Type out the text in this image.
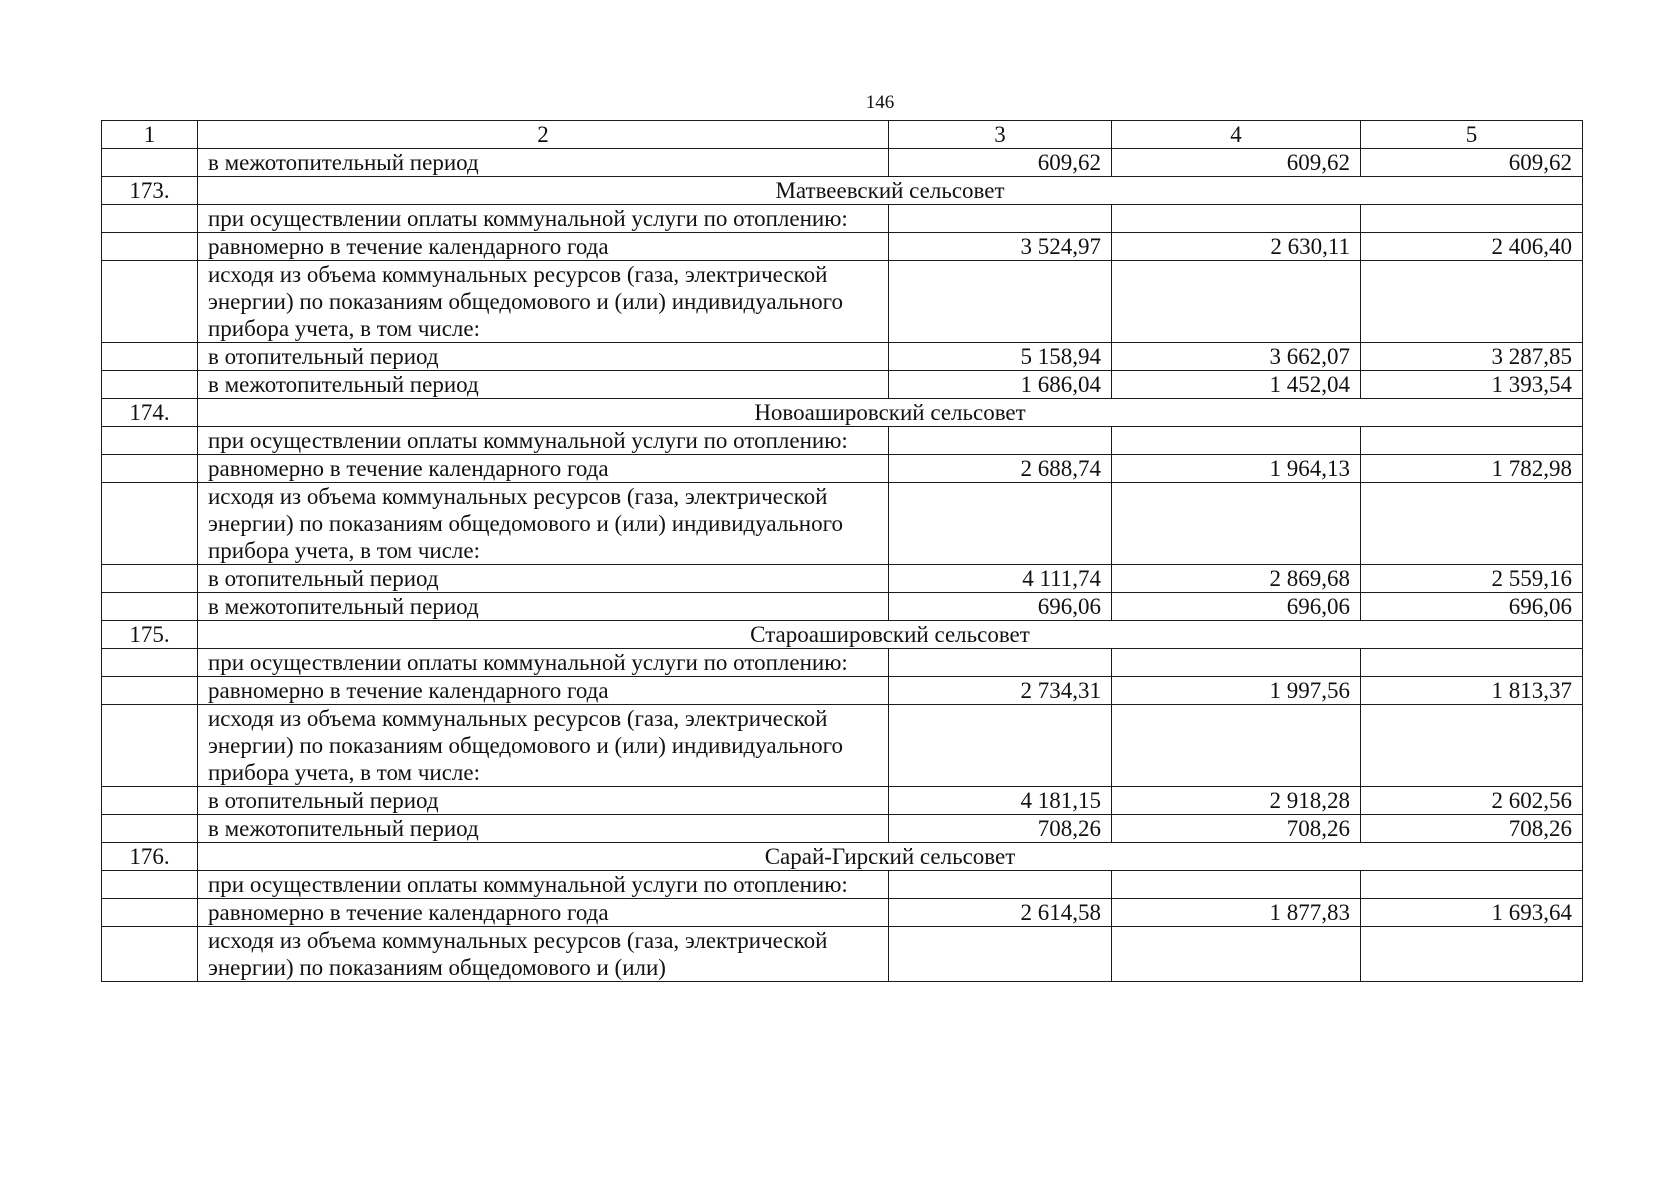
146
1	2	3	4	5
	в межотопительный период	609,62	609,62	609,62
173.	Матвеевский сельсовет			
	при осуществлении оплаты коммунальной услуги по отоплению:			
	равномерно в течение календарного года	3 524,97	2 630,11	2 406,40
	исходя из объема коммунальных ресурсов (газа, электрической энергии) по показаниям общедомового и (или) индивидуального прибора учета, в том числе:			
	в отопительный период	5 158,94	3 662,07	3 287,85
	в межотопительный период	1 686,04	1 452,04	1 393,54
174.	Новоашировский сельсовет			
	при осуществлении оплаты коммунальной услуги по отоплению:			
	равномерно в течение календарного года	2 688,74	1 964,13	1 782,98
	исходя из объема коммунальных ресурсов (газа, электрической энергии) по показаниям общедомового и (или) индивидуального прибора учета, в том числе:			
	в отопительный период	4 111,74	2 869,68	2 559,16
	в межотопительный период	696,06	696,06	696,06
175.	Староашировский сельсовет			
	при осуществлении оплаты коммунальной услуги по отоплению:			
	равномерно в течение календарного года	2 734,31	1 997,56	1 813,37
	исходя из объема коммунальных ресурсов (газа, электрической энергии) по показаниям общедомового и (или) индивидуального прибора учета, в том числе:			
	в отопительный период	4 181,15	2 918,28	2 602,56
	в межотопительный период	708,26	708,26	708,26
176.	Сарай-Гирский сельсовет			
	при осуществлении оплаты коммунальной услуги по отоплению:			
	равномерно в течение календарного года	2 614,58	1 877,83	1 693,64
	исходя из объема коммунальных ресурсов (газа, электрической энергии) по показаниям общедомового и (или)			
